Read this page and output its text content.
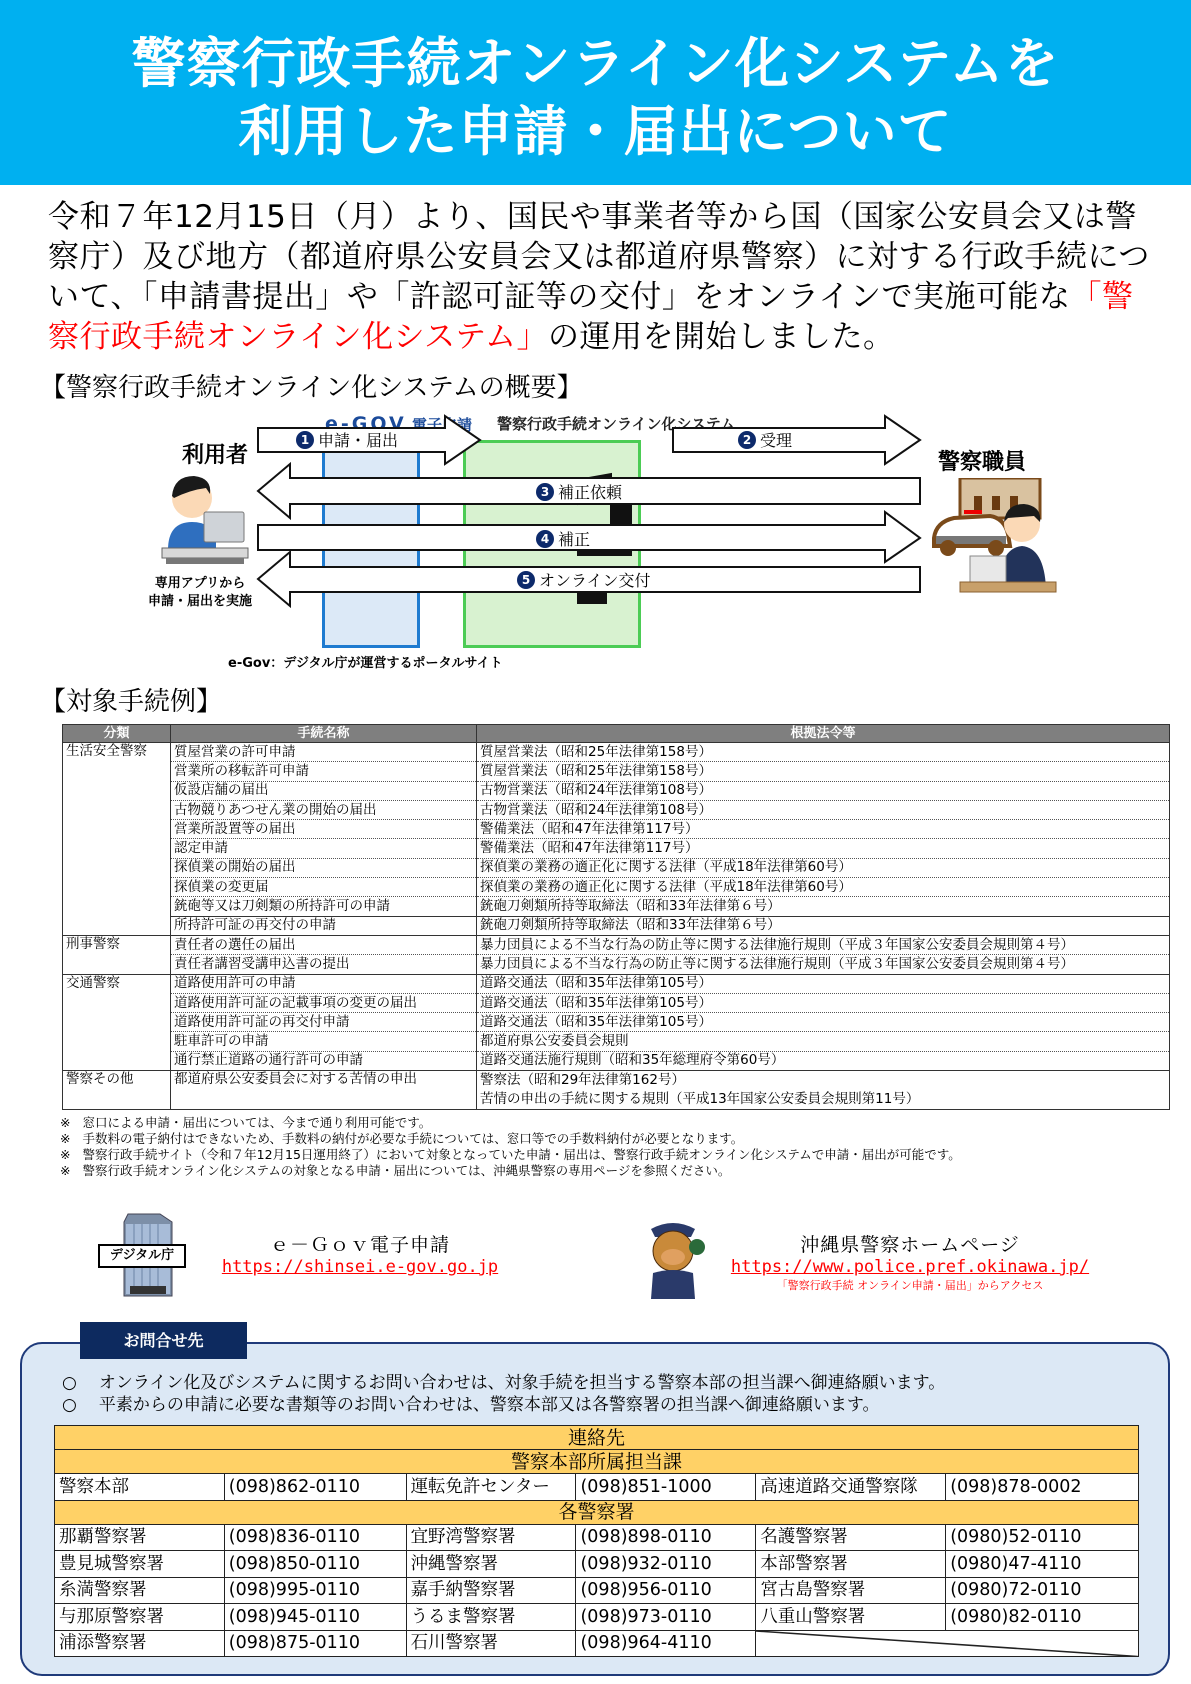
警察行政手続オンライン化システムを
利用した申請・届出について

令和７年12月15日（月）より、国民や事業者等から国（国家公安員会又は警察庁）及び地方（都道府県公安員会又は都道府県警察）に対する行政手続について、「申請書提出」や「許認可証等の交付」をオンラインで実施可能な「警察行政手続オンライン化システム」の運用を開始しました。

【警察行政手続オンライン化システムの概要】
e-GOV 電子申請 警察行政手続オンライン化システム
利用者
専用アプリから
申請・届出を実施
警察職員
1 申請・届出	2 受理
3 補正依頼
4 補正
5 オンライン交付
e-Gov：デジタル庁が運営するポータルサイト
【対象手続例】
分類	手続名称	根拠法令等
生活安全警察	質屋営業の許可申請	質屋営業法（昭和25年法律第158号）
	営業所の移転許可申請	質屋営業法（昭和25年法律第158号）
	仮設店舗の届出	古物営業法（昭和24年法律第108号）
	古物競りあつせん業の開始の届出	古物営業法（昭和24年法律第108号）
	営業所設置等の届出	警備業法（昭和47年法律第117号）
	認定申請	警備業法（昭和47年法律第117号）
	探偵業の開始の届出	探偵業の業務の適正化に関する法律（平成18年法律第60号）
	探偵業の変更届	探偵業の業務の適正化に関する法律（平成18年法律第60号）
	銃砲等又は刀剣類の所持許可の申請	銃砲刀剣類所持等取締法（昭和33年法律第６号）
	所持許可証の再交付の申請	銃砲刀剣類所持等取締法（昭和33年法律第６号）
刑事警察	責任者の選任の届出	暴力団員による不当な行為の防止等に関する法律施行規則（平成３年国家公安委員会規則第４号）
	責任者講習受講申込書の提出	暴力団員による不当な行為の防止等に関する法律施行規則（平成３年国家公安委員会規則第４号）
交通警察	道路使用許可の申請	道路交通法（昭和35年法律第105号）
	道路使用許可証の記載事項の変更の届出	道路交通法（昭和35年法律第105号）
	道路使用許可証の再交付申請	道路交通法（昭和35年法律第105号）
	駐車許可の申請	都道府県公安委員会規則
	通行禁止道路の通行許可の申請	道路交通法施行規則（昭和35年総理府令第60号）
警察その他	都道府県公安委員会に対する苦情の申出	警察法（昭和29年法律第162号）
		苦情の申出の手続に関する規則（平成13年国家公安委員会規則第11号）
※ 窓口による申請・届出については、今まで通り利用可能です。
※ 手数料の電子納付はできないため、手数料の納付が必要な手続については、窓口等での手数料納付が必要となります。
※ 警察行政手続サイト（令和７年12月15日運用終了）において対象となっていた申請・届出は、警察行政手続オンライン化システムで申請・届出が可能です。
※ 警察行政手続オンライン化システムの対象となる申請・届出については、沖縄県警察の専用ページを参照ください。
デジタル庁	ｅ－Ｇｏｖ電子申請
https://shinsei.e-gov.go.jp
沖縄県警察ホームページ
https://www.police.pref.okinawa.jp/
「警察行政手続 オンライン申請・届出」からアクセス
お問合せ先
○ オンライン化及びシステムに関するお問い合わせは、対象手続を担当する警察本部の担当課へ御連絡願います。
○ 平素からの申請に必要な書類等のお問い合わせは、警察本部又は各警察署の担当課へ御連絡願います。
連絡先					
警察本部所属担当課					
警察本部	(098)862-0110	運転免許センター	(098)851-1000	高速道路交通警察隊	(098)878-0002
各警察署					
那覇警察署	(098)836-0110	宜野湾警察署	(098)898-0110	名護警察署	(0980)52-0110
豊見城警察署	(098)850-0110	沖縄警察署	(098)932-0110	本部警察署	(0980)47-4110
糸満警察署	(098)995-0110	嘉手納警察署	(098)956-0110	宮古島警察署	(0980)72-0110
与那原警察署	(098)945-0110	うるま警察署	(098)973-0110	八重山警察署	(0980)82-0110
浦添警察署	(098)875-0110	石川警察署	(098)964-4110	
